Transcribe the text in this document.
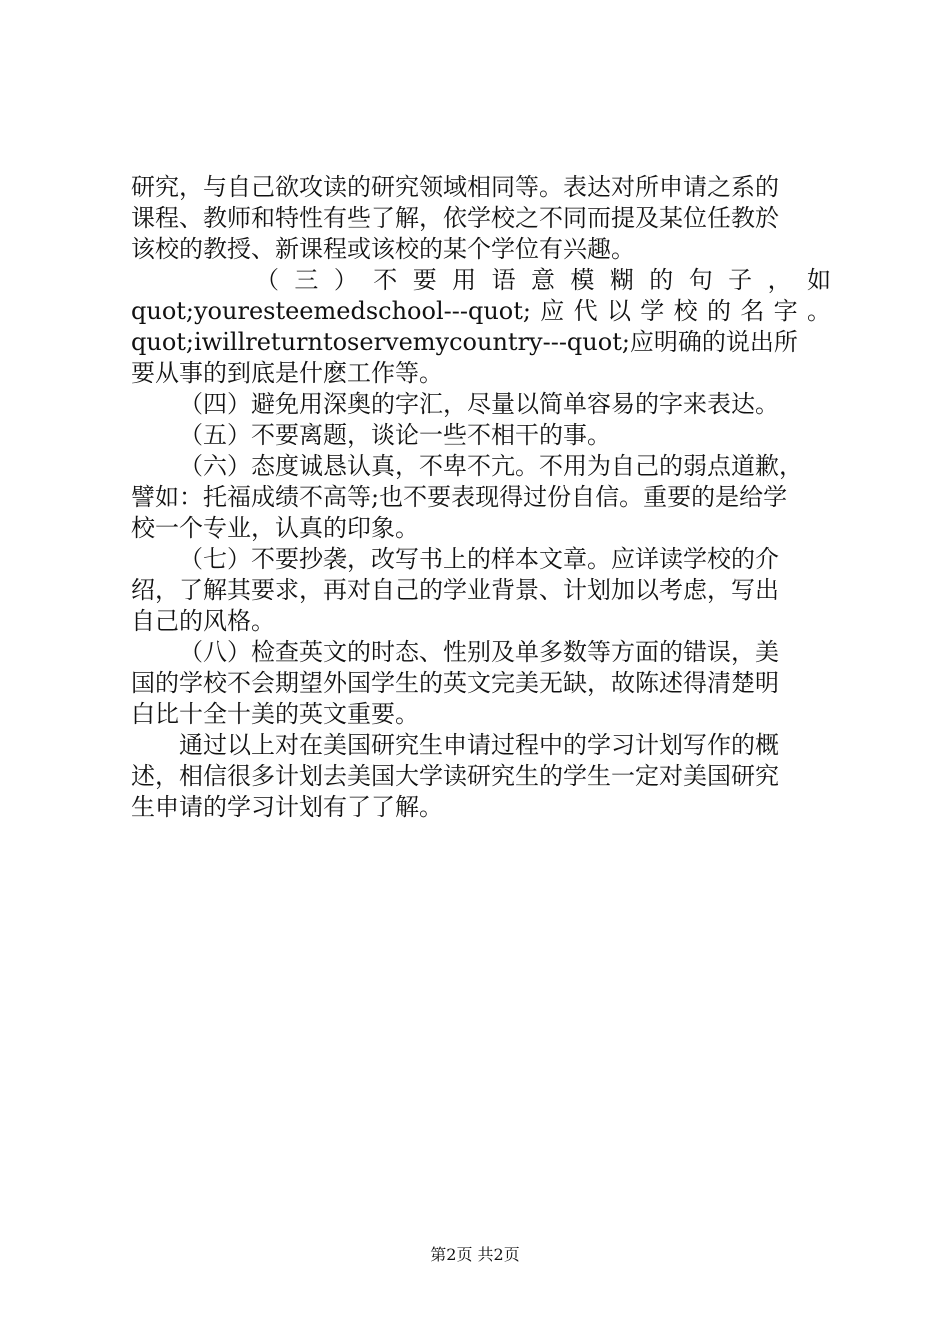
研究，与自己欲攻读的研究领域相同等。表达对所申请之系的
课程、教师和特性有些了解，依学校之不同而提及某位任教於
该校的教授、新课程或该校的某个学位有兴趣。
（三）不要用语意模糊的句子，如
quot;youresteemedschool---quot;应代以学校的名字。
quot;iwillreturntoservemycountry---quot;应明确的说出所
要从事的到底是什麽工作等。
（四）避免用深奥的字汇，尽量以简单容易的字来表达。
（五）不要离题，谈论一些不相干的事。
（六）态度诚恳认真，不卑不亢。不用为自己的弱点道歉，
譬如：托福成绩不高等;也不要表现得过份自信。重要的是给学
校一个专业，认真的印象。
（七）不要抄袭，改写书上的样本文章。应详读学校的介
绍，了解其要求，再对自己的学业背景、计划加以考虑，写出
自己的风格。
（八）检查英文的时态、性别及单多数等方面的错误，美
国的学校不会期望外国学生的英文完美无缺，故陈述得清楚明
白比十全十美的英文重要。
通过以上对在美国研究生申请过程中的学习计划写作的概
述，相信很多计划去美国大学读研究生的学生一定对美国研究
生申请的学习计划有了了解。
第2页 共2页
